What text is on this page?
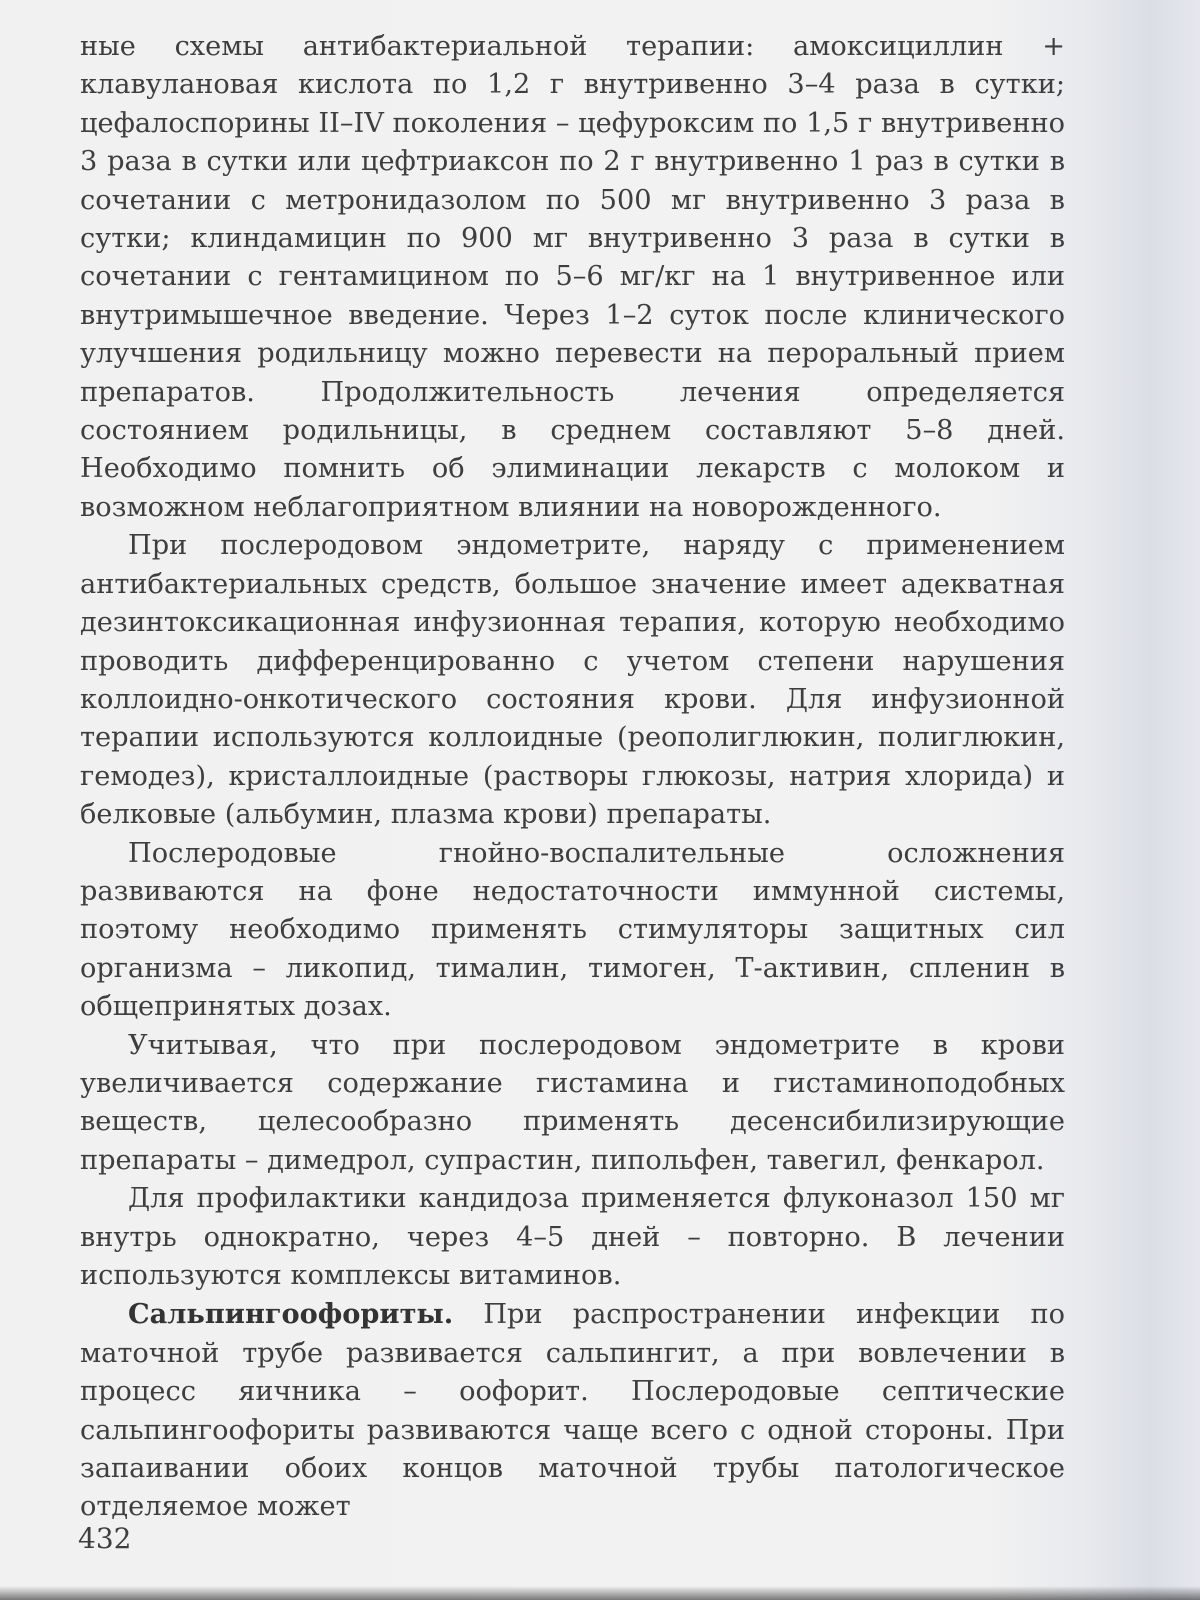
ные схемы антибактериальной терапии: амоксициллин + клавулановая кислота по 1,2 г внутривенно 3–4 раза в сутки; цефалоспорины II–IV поколения – цефуроксим по 1,5 г внутривенно 3 раза в сутки или цефтриаксон по 2 г внутривенно 1 раз в сутки в сочетании с метронидазолом по 500 мг внутривенно 3 раза в сутки; клиндамицин по 900 мг внутривенно 3 раза в сутки в сочетании с гентамицином по 5–6 мг/кг на 1 внутривенное или внутримышечное введение. Через 1–2 суток после клинического улучшения родильницу можно перевести на пероральный прием препаратов. Продолжительность лечения определяется состоянием родильницы, в среднем составляют 5–8 дней. Необходимо помнить об элиминации лекарств с молоком и возможном неблагоприятном влиянии на новорожденного.

При послеродовом эндометрите, наряду с применением антибактериальных средств, большое значение имеет адекватная дезинтоксикационная инфузионная терапия, которую необходимо проводить дифференцированно с учетом степени нарушения коллоидно-онкотического состояния крови. Для инфузионной терапии используются коллоидные (реополиглюкин, полиглюкин, гемодез), кристаллоидные (растворы глюкозы, натрия хлорида) и белковые (альбумин, плазма крови) препараты.

Послеродовые гнойно-воспалительные осложнения развиваются на фоне недостаточности иммунной системы, поэтому необходимо применять стимуляторы защитных сил организма – ликопид, тималин, тимоген, Т-активин, спленин в общепринятых дозах.

Учитывая, что при послеродовом эндометрите в крови увеличивается содержание гистамина и гистаминоподобных веществ, целесообразно применять десенсибилизирующие препараты – димедрол, супрастин, пипольфен, тавегил, фенкарол.

Для профилактики кандидоза применяется флуконазол 150 мг внутрь однократно, через 4–5 дней – повторно. В лечении используются комплексы витаминов.

Сальпингоофориты. При распространении инфекции по маточной трубе развивается сальпингит, а при вовлечении в процесс яичника – оофорит. Послеродовые септические сальпингоофориты развиваются чаще всего с одной стороны. При запаивании обоих концов маточной трубы патологическое отделяемое может

432
